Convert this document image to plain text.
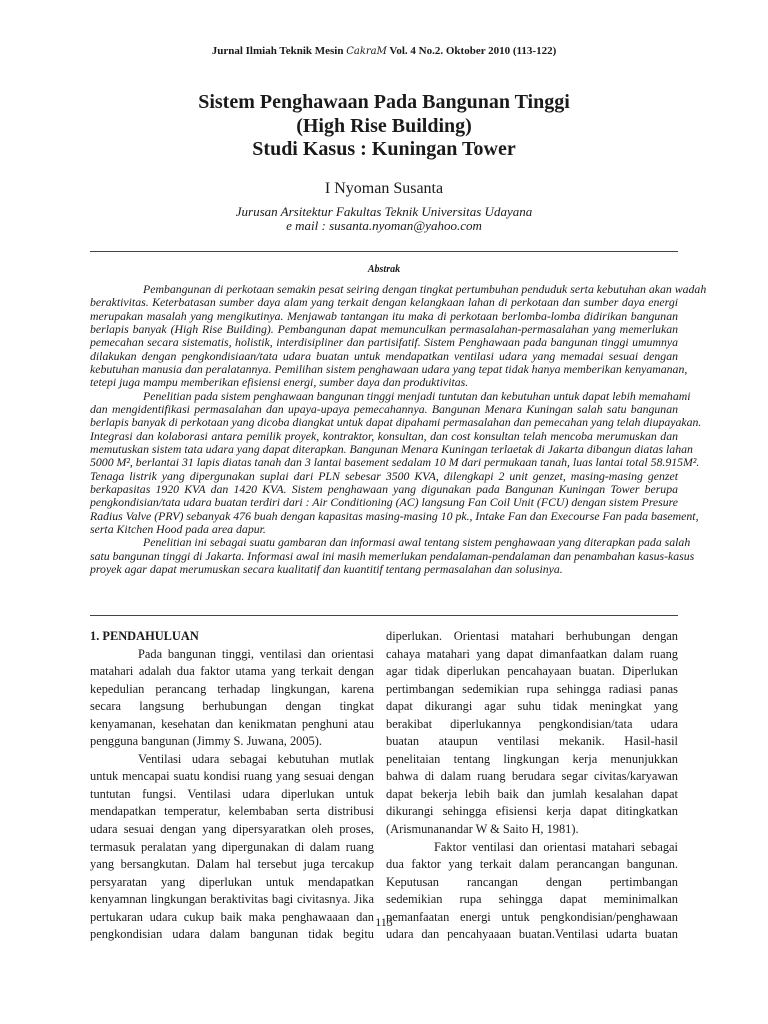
Jurnal Ilmiah Teknik Mesin CakraM Vol. 4 No.2. Oktober 2010 (113-122)
Sistem Penghawaan Pada Bangunan Tinggi
(High Rise Building)
Studi Kasus : Kuningan Tower
I Nyoman Susanta
Jurusan Arsitektur Fakultas Teknik Universitas Udayana
e mail : susanta.nyoman@yahoo.com
Abstrak
Pembangunan di perkotaan semakin pesat seiring dengan tingkat pertumbuhan penduduk serta kebutuhan akan wadah
beraktivitas. Keterbatasan sumber daya alam yang terkait dengan kelangkaan lahan di perkotaan dan sumber daya energi
merupakan masalah yang mengikutinya. Menjawab tantangan itu maka di perkotaan berlomba-lomba didirikan bangunan
berlapis banyak (High Rise Building). Pembangunan dapat memunculkan permasalahan-permasalahan yang memerlukan
pemecahan secara sistematis, holistik, interdisipliner dan partisifatif. Sistem Penghawaan pada bangunan tinggi umumnya
dilakukan dengan pengkondisiaan/tata udara buatan untuk mendapatkan ventilasi udara yang memadai sesuai dengan
kebutuhan manusia dan peralatannya. Pemilihan sistem penghawaan udara yang tepat tidak hanya memberikan kenyamanan,
tetepi juga mampu memberikan efisiensi energi, sumber daya dan produktivitas.
Penelitian pada sistem penghawaan bangunan tinggi menjadi tuntutan dan kebutuhan untuk dapat lebih memahami
dan mengidentifikasi permasalahan dan upaya-upaya pemecahannya. Bangunan Menara Kuningan salah satu bangunan
berlapis banyak di perkotaan yang dicoba diangkat untuk dapat dipahami permasalahan dan pemecahan yang telah diupayakan.
Integrasi dan kolaborasi antara pemilik proyek, kontraktor, konsultan, dan cost konsultan telah mencoba merumuskan dan
memutuskan sistem tata udara yang dapat diterapkan. Bangunan Menara Kuningan terlaetak di Jakarta dibangun diatas lahan
5000 M², berlantai 31 lapis diatas tanah dan 3 lantai basement sedalam 10 M dari permukaan tanah, luas lantai total 58.915M².
Tenaga listrik yang dipergunakan suplai dari PLN sebesar 3500 KVA, dilengkapi 2 unit genzet, masing-masing genzet
berkapasitas 1920 KVA dan 1420 KVA. Sistem penghawaan yang digunakan pada Bangunan Kuningan Tower berupa
pengkondisian/tata udara buatan terdiri dari : Air Conditioning (AC) langsung Fan Coil Unit (FCU) dengan sistem Presure
Radius Valve (PRV) sebanyak 476 buah dengan kapasitas masing-masing 10 pk., Intake Fan dan Execourse Fan pada basement,
serta Kitchen Hood pada area dapur.
Penelitian ini sebagai suatu gambaran dan informasi awal tentang sistem penghawaan yang diterapkan pada salah
satu bangunan tinggi di Jakarta. Informasi awal ini masih memerlukan pendalaman-pendalaman dan penambahan kasus-kasus
proyek agar dapat merumuskan secara kualitatif dan kuantitif tentang permasalahan dan solusinya.
1. PENDAHULUAN
Pada bangunan tinggi, ventilasi dan orientasi
matahari adalah dua faktor utama yang terkait dengan
kepedulian perancang terhadap lingkungan, karena
secara langsung berhubungan dengan tingkat
kenyamanan, kesehatan dan kenikmatan penghuni atau
pengguna bangunan (Jimmy S. Juwana, 2005).
Ventilasi udara sebagai kebutuhan mutlak
untuk mencapai suatu kondisi ruang yang sesuai dengan
tuntutan fungsi. Ventilasi udara diperlukan untuk
mendapatkan temperatur, kelembaban serta distribusi
udara sesuai dengan yang dipersyaratkan oleh proses,
termasuk peralatan yang dipergunakan di dalam ruang
yang bersangkutan. Dalam hal tersebut juga tercakup
persyaratan yang diperlukan untuk mendapatkan
kenyamnan lingkungan beraktivitas bagi civitasnya. Jika
pertukaran udara cukup baik maka penghawaaan dan
pengkondisian udara dalam bangunan tidak begitu
diperlukan. Orientasi matahari berhubungan dengan
cahaya matahari yang dapat dimanfaatkan dalam ruang
agar tidak diperlukan pencahayaan buatan. Diperlukan
pertimbangan sedemikian rupa sehingga radiasi panas
dapat dikurangi agar suhu tidak meningkat yang
berakibat diperlukannya pengkondisian/tata udara
buatan ataupun ventilasi mekanik. Hasil-hasil
penelitaian tentang lingkungan kerja menunjukkan
bahwa di dalam ruang berudara segar civitas/karyawan
dapat bekerja lebih baik dan jumlah kesalahan dapat
dikurangi sehingga efisiensi kerja dapat ditingkatkan
(Arismunanandar W & Saito H, 1981).
Faktor ventilasi dan orientasi matahari sebagai
dua faktor yang terkait dalam perancangan bangunan.
Keputusan rancangan dengan pertimbangan
sedemikian rupa sehingga dapat meminimalkan
pemanfaatan energi untuk pengkondisian/penghawaan
udara dan pencahyaaan buatan.Ventilasi udarta buatan
113
